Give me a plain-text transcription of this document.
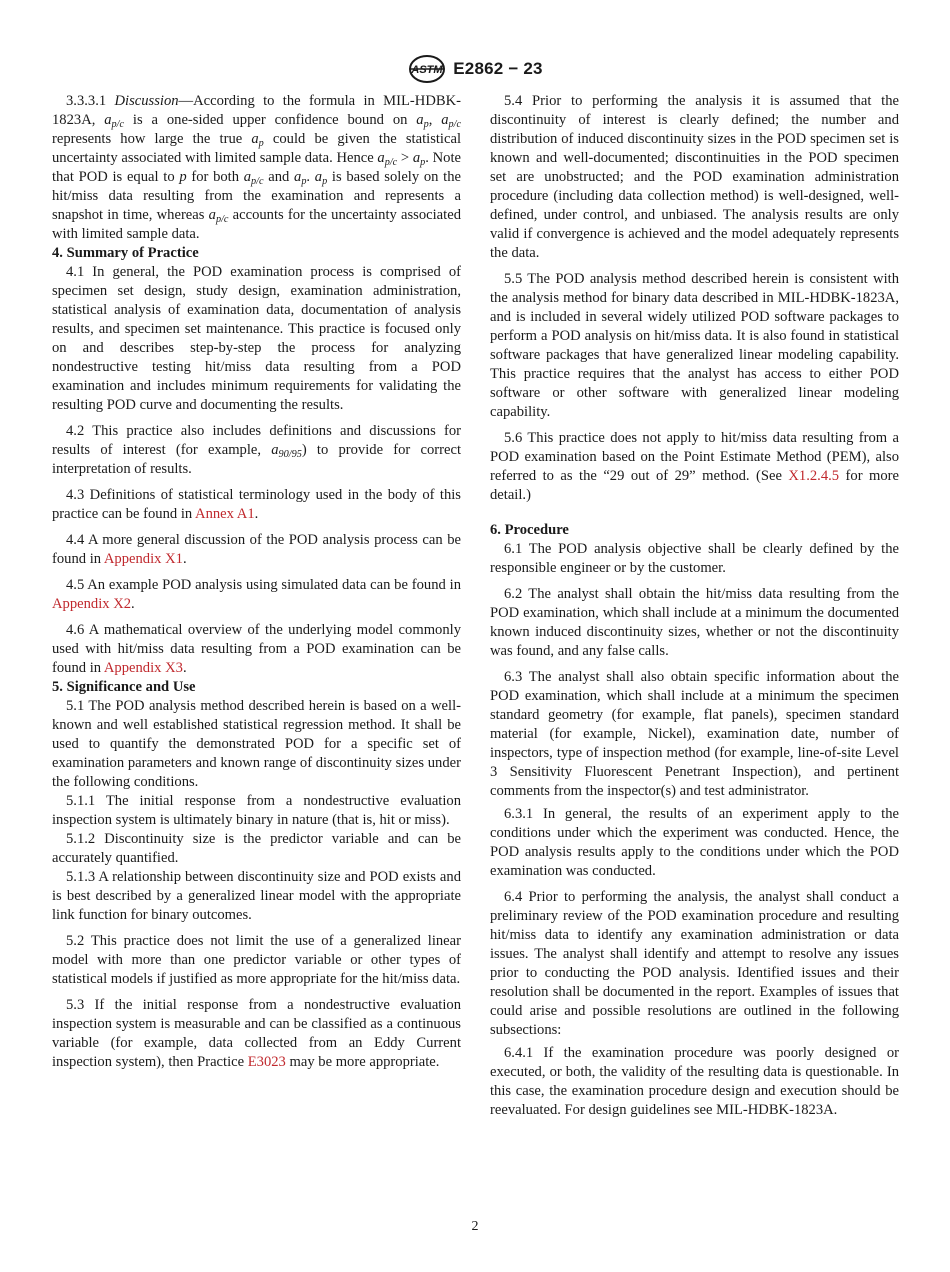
ASTM E2862 − 23

3.3.3.1 Discussion—According to the formula in MIL-HDBK-1823A, $a_{p/c}$ is a one-sided upper confidence bound on $a_p$, $a_{p/c}$ represents how large the true $a_p$ could be given the statistical uncertainty associated with limited sample data. Hence $a_{p/c} > a_p$. Note that POD is equal to p for both $a_{p/c}$ and $a_p$. $a_p$ is based solely on the hit/miss data resulting from the examination and represents a snapshot in time, whereas $a_{p/c}$ accounts for the uncertainty associated with limited sample data.

4. Summary of Practice

4.1 In general, the POD examination process is comprised of specimen set design, study design, examination administration, statistical analysis of examination data, documentation of analysis results, and specimen set maintenance. This practice is focused only on and describes step-by-step the process for analyzing nondestructive testing hit/miss data resulting from a POD examination and includes minimum requirements for validating the resulting POD curve and documenting the results.

4.2 This practice also includes definitions and discussions for results of interest (for example, $a_{90/95}$) to provide for correct interpretation of results.

4.3 Definitions of statistical terminology used in the body of this practice can be found in Annex A1.

4.4 A more general discussion of the POD analysis process can be found in Appendix X1.

4.5 An example POD analysis using simulated data can be found in Appendix X2.

4.6 A mathematical overview of the underlying model commonly used with hit/miss data resulting from a POD examination can be found in Appendix X3.

5. Significance and Use

5.1 The POD analysis method described herein is based on a well-known and well established statistical regression method. It shall be used to quantify the demonstrated POD for a specific set of examination parameters and known range of discontinuity sizes under the following conditions.

5.1.1 The initial response from a nondestructive evaluation inspection system is ultimately binary in nature (that is, hit or miss).

5.1.2 Discontinuity size is the predictor variable and can be accurately quantified.

5.1.3 A relationship between discontinuity size and POD exists and is best described by a generalized linear model with the appropriate link function for binary outcomes.

5.2 This practice does not limit the use of a generalized linear model with more than one predictor variable or other types of statistical models if justified as more appropriate for the hit/miss data.

5.3 If the initial response from a nondestructive evaluation inspection system is measurable and can be classified as a continuous variable (for example, data collected from an Eddy Current inspection system), then Practice E3023 may be more appropriate.

5.4 Prior to performing the analysis it is assumed that the discontinuity of interest is clearly defined; the number and distribution of induced discontinuity sizes in the POD specimen set is known and well-documented; discontinuities in the POD specimen set are unobstructed; and the POD examination administration procedure (including data collection method) is well-designed, well-defined, under control, and unbiased. The analysis results are only valid if convergence is achieved and the model adequately represents the data.

5.5 The POD analysis method described herein is consistent with the analysis method for binary data described in MIL-HDBK-1823A, and is included in several widely utilized POD software packages to perform a POD analysis on hit/miss data. It is also found in statistical software packages that have generalized linear modeling capability. This practice requires that the analyst has access to either POD software or other software with generalized linear modeling capability.

5.6 This practice does not apply to hit/miss data resulting from a POD examination based on the Point Estimate Method (PEM), also referred to as the “29 out of 29” method. (See X1.2.4.5 for more detail.)

6. Procedure

6.1 The POD analysis objective shall be clearly defined by the responsible engineer or by the customer.

6.2 The analyst shall obtain the hit/miss data resulting from the POD examination, which shall include at a minimum the documented known induced discontinuity sizes, whether or not the discontinuity was found, and any false calls.

6.3 The analyst shall also obtain specific information about the POD examination, which shall include at a minimum the specimen standard geometry (for example, flat panels), specimen standard material (for example, Nickel), examination date, number of inspectors, type of inspection method (for example, line-of-site Level 3 Sensitivity Fluorescent Penetrant Inspection), and pertinent comments from the inspector(s) and test administrator.

6.3.1 In general, the results of an experiment apply to the conditions under which the experiment was conducted. Hence, the POD analysis results apply to the conditions under which the POD examination was conducted.

6.4 Prior to performing the analysis, the analyst shall conduct a preliminary review of the POD examination procedure and resulting hit/miss data to identify any examination administration or data issues. The analyst shall identify and attempt to resolve any issues prior to conducting the POD analysis. Identified issues and their resolution shall be documented in the report. Examples of issues that could arise and possible resolutions are outlined in the following subsections:

6.4.1 If the examination procedure was poorly designed or executed, or both, the validity of the resulting data is questionable. In this case, the examination procedure design and execution should be reevaluated. For design guidelines see MIL-HDBK-1823A.

2
